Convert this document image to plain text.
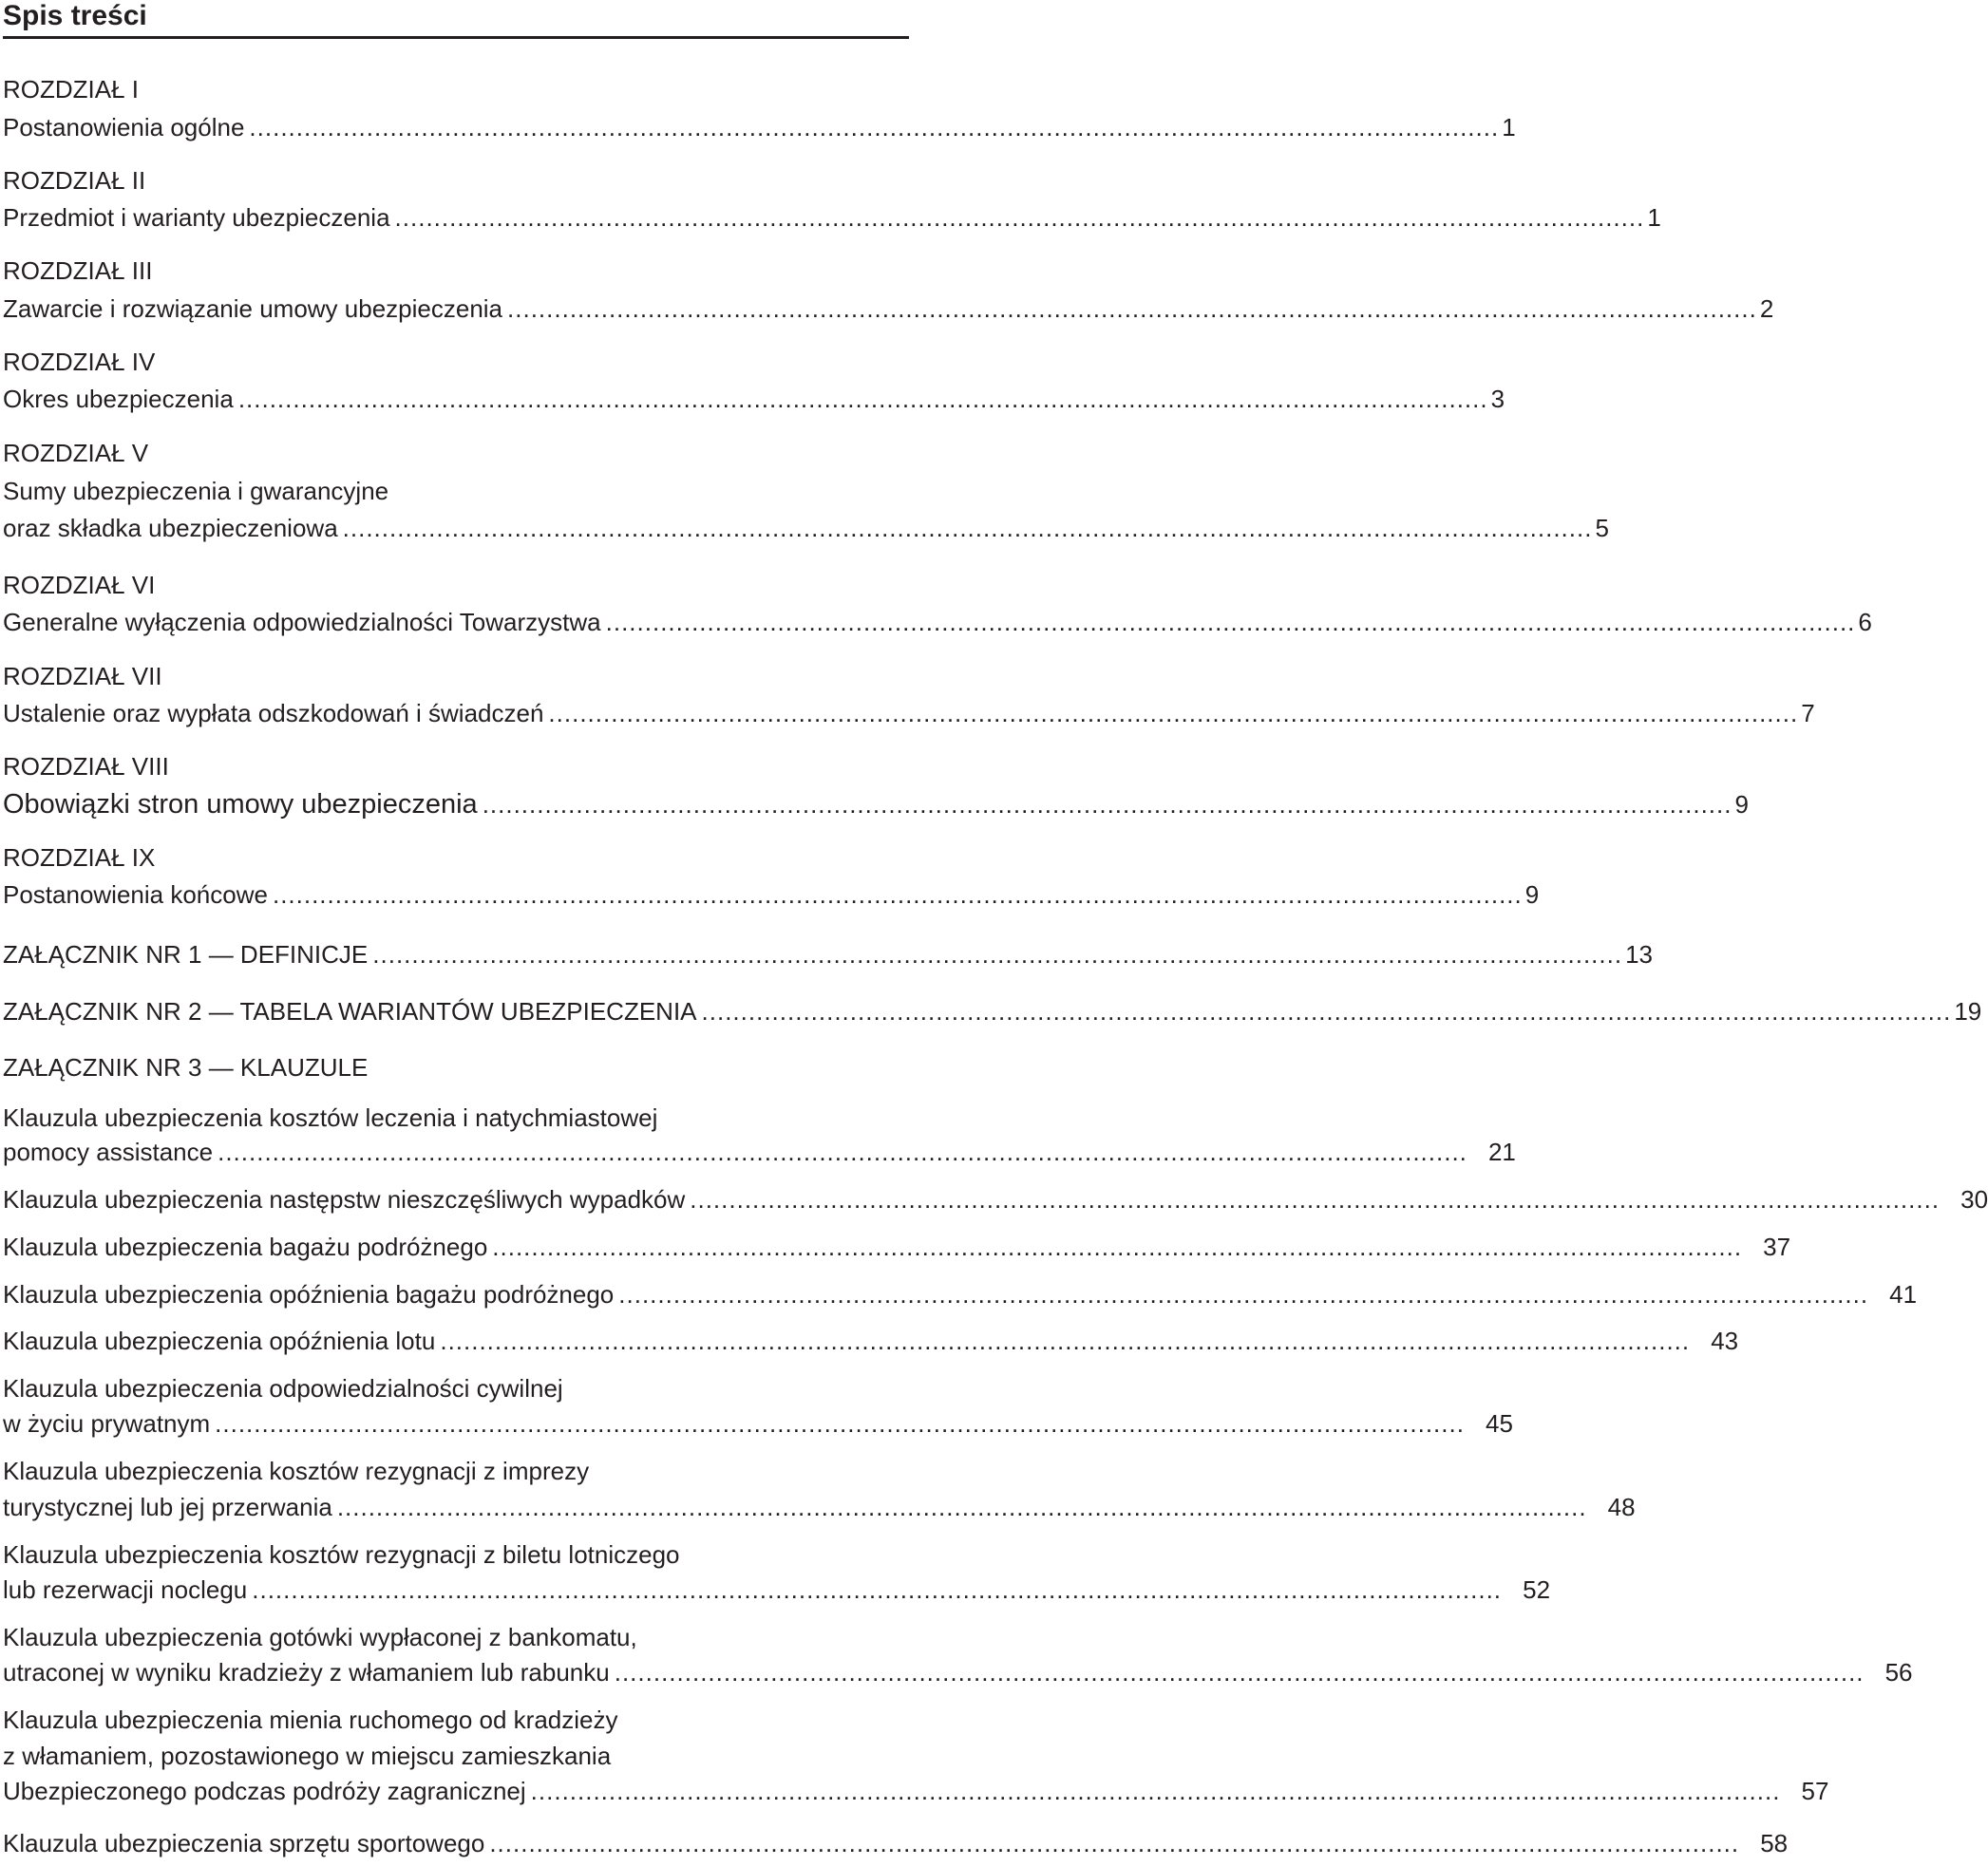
Spis treści
ROZDZIAŁ I
Postanowienia ogólne ................................................................................................................................................................ 1
ROZDZIAŁ II
Przedmiot i warianty ubezpieczenia ................................................................................................................................................................ 1
ROZDZIAŁ III
Zawarcie i rozwiązanie umowy ubezpieczenia ................................................................................................................................................................ 2
ROZDZIAŁ IV
Okres ubezpieczenia ................................................................................................................................................................ 3
ROZDZIAŁ V
Sumy ubezpieczenia i gwarancyjne
oraz składka ubezpieczeniowa ................................................................................................................................................................ 5
ROZDZIAŁ VI
Generalne wyłączenia odpowiedzialności Towarzystwa ................................................................................................................................................................ 6
ROZDZIAŁ VII
Ustalenie oraz wypłata odszkodowań i świadczeń ................................................................................................................................................................ 7
ROZDZIAŁ VIII
Obowiązki stron umowy ubezpieczenia ................................................................................................................................................................ 9
ROZDZIAŁ IX
Postanowienia końcowe ................................................................................................................................................................ 9
ZAŁĄCZNIK NR 1 — DEFINICJE ................................................................................................................................................................ 13
ZAŁĄCZNIK NR 2 — TABELA WARIANTÓW UBEZPIECZENIA ................................................................................................................................................................ 19
ZAŁĄCZNIK NR 3 — KLAUZULE
Klauzula ubezpieczenia kosztów leczenia i natychmiastowej
pomocy assistance ................................................................................................................................................................ 21
Klauzula ubezpieczenia następstw nieszczęśliwych wypadków ................................................................................................................................................................ 30
Klauzula ubezpieczenia bagażu podróżnego ................................................................................................................................................................ 37
Klauzula ubezpieczenia opóźnienia bagażu podróżnego ................................................................................................................................................................ 41
Klauzula ubezpieczenia opóźnienia lotu ................................................................................................................................................................ 43
Klauzula ubezpieczenia odpowiedzialności cywilnej
w życiu prywatnym ................................................................................................................................................................ 45
Klauzula ubezpieczenia kosztów rezygnacji z imprezy
turystycznej lub jej przerwania ................................................................................................................................................................ 48
Klauzula ubezpieczenia kosztów rezygnacji z biletu lotniczego
lub rezerwacji noclegu ................................................................................................................................................................ 52
Klauzula ubezpieczenia gotówki wypłaconej z bankomatu,
utraconej w wyniku kradzieży z włamaniem lub rabunku ................................................................................................................................................................ 56
Klauzula ubezpieczenia mienia ruchomego od kradzieży
z włamaniem, pozostawionego w miejscu zamieszkania
Ubezpieczonego podczas podróży zagranicznej ................................................................................................................................................................ 57
Klauzula ubezpieczenia sprzętu sportowego ................................................................................................................................................................ 58
